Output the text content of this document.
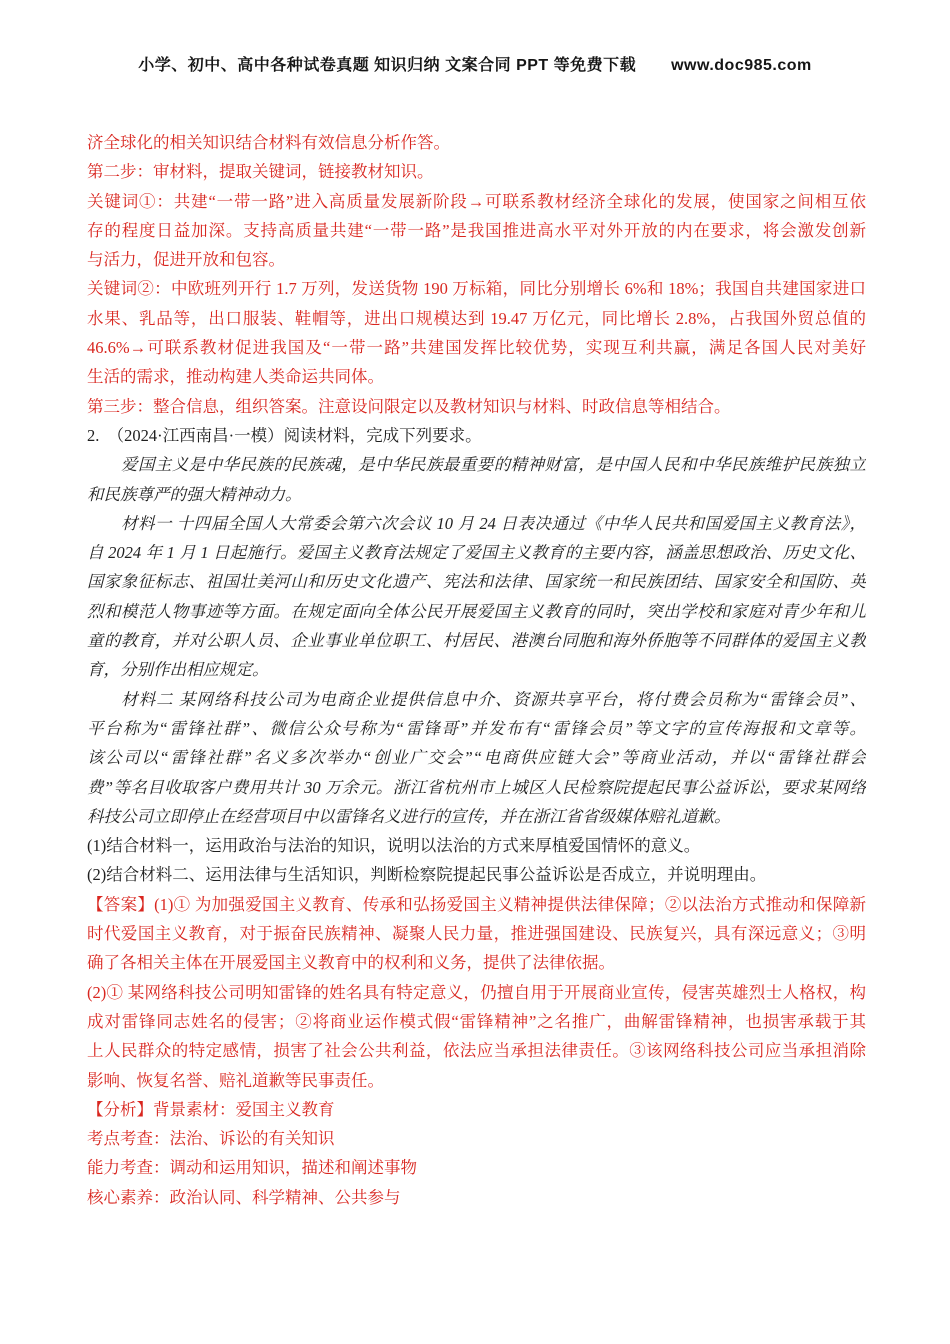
小学、初中、高中各种试卷真题 知识归纳 文案合同 PPT 等免费下载 www.doc985.com
济全球化的相关知识结合材料有效信息分析作答。
第二步：审材料，提取关键词，链接教材知识。
关键词①：共建“一带一路”进入高质量发展新阶段→可联系教材经济全球化的发展，使国家之间相互依
存的程度日益加深。支持高质量共建“一带一路”是我国推进高水平对外开放的内在要求，将会激发创新
与活力，促进开放和包容。
关键词②：中欧班列开行 1.7 万列，发送货物 190 万标箱，同比分别增长 6%和 18%；我国自共建国家进口
水果、乳品等，出口服装、鞋帽等，进出口规模达到 19.47 万亿元，同比增长 2.8%，占我国外贸总值的
46.6%→可联系教材促进我国及“一带一路”共建国发挥比较优势，实现互利共赢，满足各国人民对美好
生活的需求，推动构建人类命运共同体。
第三步：整合信息，组织答案。注意设问限定以及教材知识与材料、时政信息等相结合。
2.　（2024·江西南昌·一模）阅读材料，完成下列要求。
爱国主义是中华民族的民族魂，是中华民族最重要的精神财富，是中国人民和中华民族维护民族独立
和民族尊严的强大精神动力。
材料一 十四届全国人大常委会第六次会议 10 月 24 日表决通过《中华人民共和国爱国主义教育法》，
自 2024 年 1 月 1 日起施行。爱国主义教育法规定了爱国主义教育的主要内容，涵盖思想政治、历史文化、
国家象征标志、祖国壮美河山和历史文化遗产、宪法和法律、国家统一和民族团结、国家安全和国防、英
烈和模范人物事迹等方面。在规定面向全体公民开展爱国主义教育的同时，突出学校和家庭对青少年和儿
童的教育，并对公职人员、企业事业单位职工、村居民、港澳台同胞和海外侨胞等不同群体的爱国主义教
育，分别作出相应规定。
材料二 某网络科技公司为电商企业提供信息中介、资源共享平台，将付费会员称为“雷锋会员”、
平台称为“雷锋社群”、微信公众号称为“雷锋哥”并发布有“雷锋会员”等文字的宣传海报和文章等。
该公司以“雷锋社群”名义多次举办“创业广交会”“电商供应链大会”等商业活动，并以“雷锋社群会
费”等名目收取客户费用共计 30 万余元。浙江省杭州市上城区人民检察院提起民事公益诉讼，要求某网络
科技公司立即停止在经营项目中以雷锋名义进行的宣传，并在浙江省省级媒体赔礼道歉。
(1)结合材料一，运用政治与法治的知识，说明以法治的方式来厚植爱国情怀的意义。
(2)结合材料二、运用法律与生活知识，判断检察院提起民事公益诉讼是否成立，并说明理由。
【答案】(1)① 为加强爱国主义教育、传承和弘扬爱国主义精神提供法律保障；②以法治方式推动和保障新
时代爱国主义教育，对于振奋民族精神、凝聚人民力量，推进强国建设、民族复兴，具有深远意义；③明
确了各相关主体在开展爱国主义教育中的权利和义务，提供了法律依据。
(2)① 某网络科技公司明知雷锋的姓名具有特定意义，仍擅自用于开展商业宣传，侵害英雄烈士人格权，构
成对雷锋同志姓名的侵害；②将商业运作模式假“雷锋精神”之名推广，曲解雷锋精神，也损害承载于其
上人民群众的特定感情，损害了社会公共利益，依法应当承担法律责任。③该网络科技公司应当承担消除
影响、恢复名誉、赔礼道歉等民事责任。
【分析】背景素材：爱国主义教育
考点考查：法治、诉讼的有关知识
能力考查：调动和运用知识，描述和阐述事物
核心素养：政治认同、科学精神、公共参与
